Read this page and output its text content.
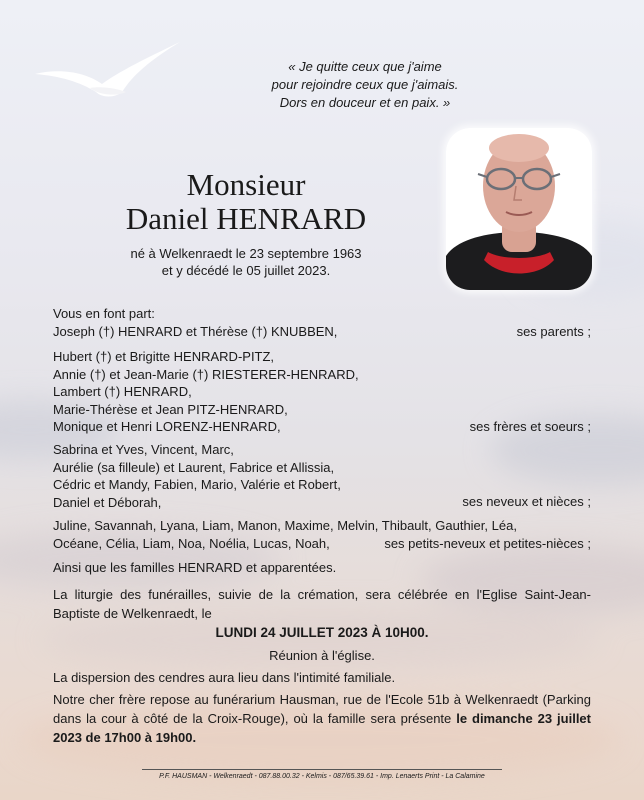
« Je quitte ceux que j'aime
pour rejoindre ceux que j'aimais.
Dors en douceur et en paix. »
Monsieur
Daniel HENRARD
né à Welkenraedt le 23 septembre 1963
et y décédé le 05 juillet 2023.
Vous en font part:
Joseph (†) HENRARD et Thérèse (†) KNUBBEN,	ses parents ;
Hubert (†) et Brigitte HENRARD-PITZ,
Annie (†) et Jean-Marie (†) RIESTERER-HENRARD,
Lambert (†) HENRARD,
Marie-Thérèse et Jean PITZ-HENRARD,
Monique et Henri LORENZ-HENRARD,	ses frères et soeurs ;
Sabrina et Yves, Vincent, Marc,
Aurélie (sa filleule) et Laurent, Fabrice et Allissia,
Cédric et Mandy, Fabien, Mario, Valérie et Robert,
Daniel et Déborah,	ses neveux et nièces ;
Juline, Savannah, Lyana, Liam, Manon, Maxime, Melvin, Thibault, Gauthier, Léa,
Océane, Célia, Liam, Noa, Noélia, Lucas, Noah,	ses petits-neveux et petites-nièces ;
Ainsi que les familles HENRARD et apparentées.
La liturgie des funérailles, suivie de la crémation, sera célébrée en l'Eglise Saint-Jean-Baptiste de Welkenraedt, le
LUNDI 24 JUILLET 2023 À 10H00.
Réunion à l'église.
La dispersion des cendres aura lieu dans l'intimité familiale.
Notre cher frère repose au funérarium Hausman, rue de l'Ecole 51b à Welkenraedt (Parking dans la cour à côté de la Croix-Rouge), où la famille sera présente le dimanche 23 juillet 2023 de 17h00 à 19h00.
P.F. HAUSMAN - Welkenraedt - 087.88.00.32 - Kelmis - 087/65.39.61 - Imp. Lenaerts Print - La Calamine
